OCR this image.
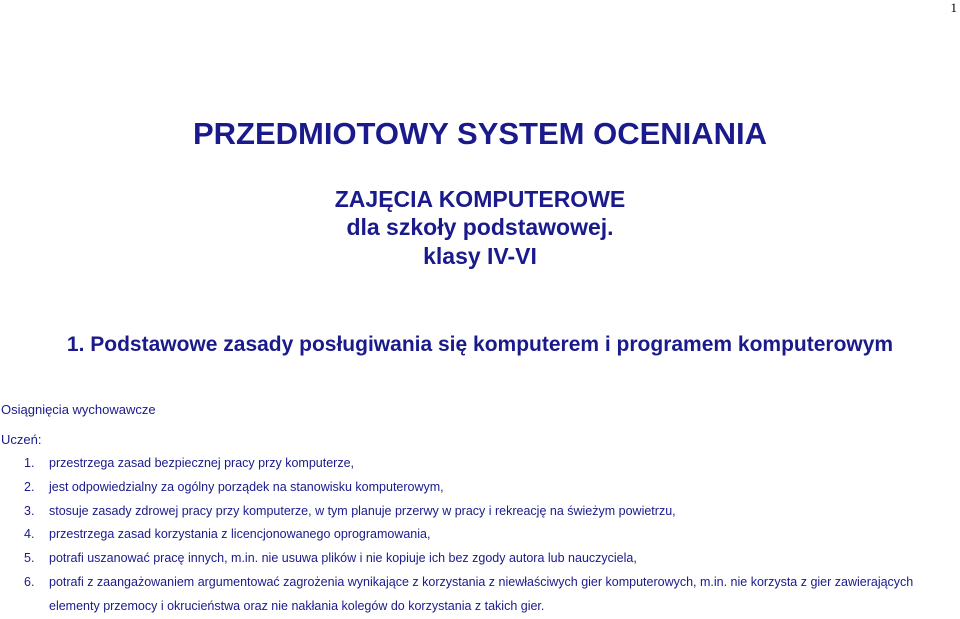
1
PRZEDMIOTOWY SYSTEM OCENIANIA
ZAJĘCIA KOMPUTEROWE
dla szkoły podstawowej.
klasy IV-VI
1. Podstawowe zasady posługiwania się komputerem i programem komputerowym
Osiągnięcia wychowawcze
Uczeń:
1. przestrzega zasad bezpiecznej pracy przy komputerze,
2. jest odpowiedzialny za ogólny porządek na stanowisku komputerowym,
3. stosuje zasady zdrowej pracy przy komputerze, w tym planuje przerwy w pracy i rekreację na świeżym powietrzu,
4. przestrzega zasad korzystania z licencjonowanego oprogramowania,
5. potrafi uszanować pracę innych, m.in. nie usuwa plików i nie kopiuje ich bez zgody autora lub nauczyciela,
6. potrafi z zaangażowaniem argumentować zagrożenia wynikające z korzystania z niewłaściwych gier komputerowych, m.in. nie korzysta z gier zawierających elementy przemocy i okrucieństwa oraz nie nakłania kolegów do korzystania z takich gier.
